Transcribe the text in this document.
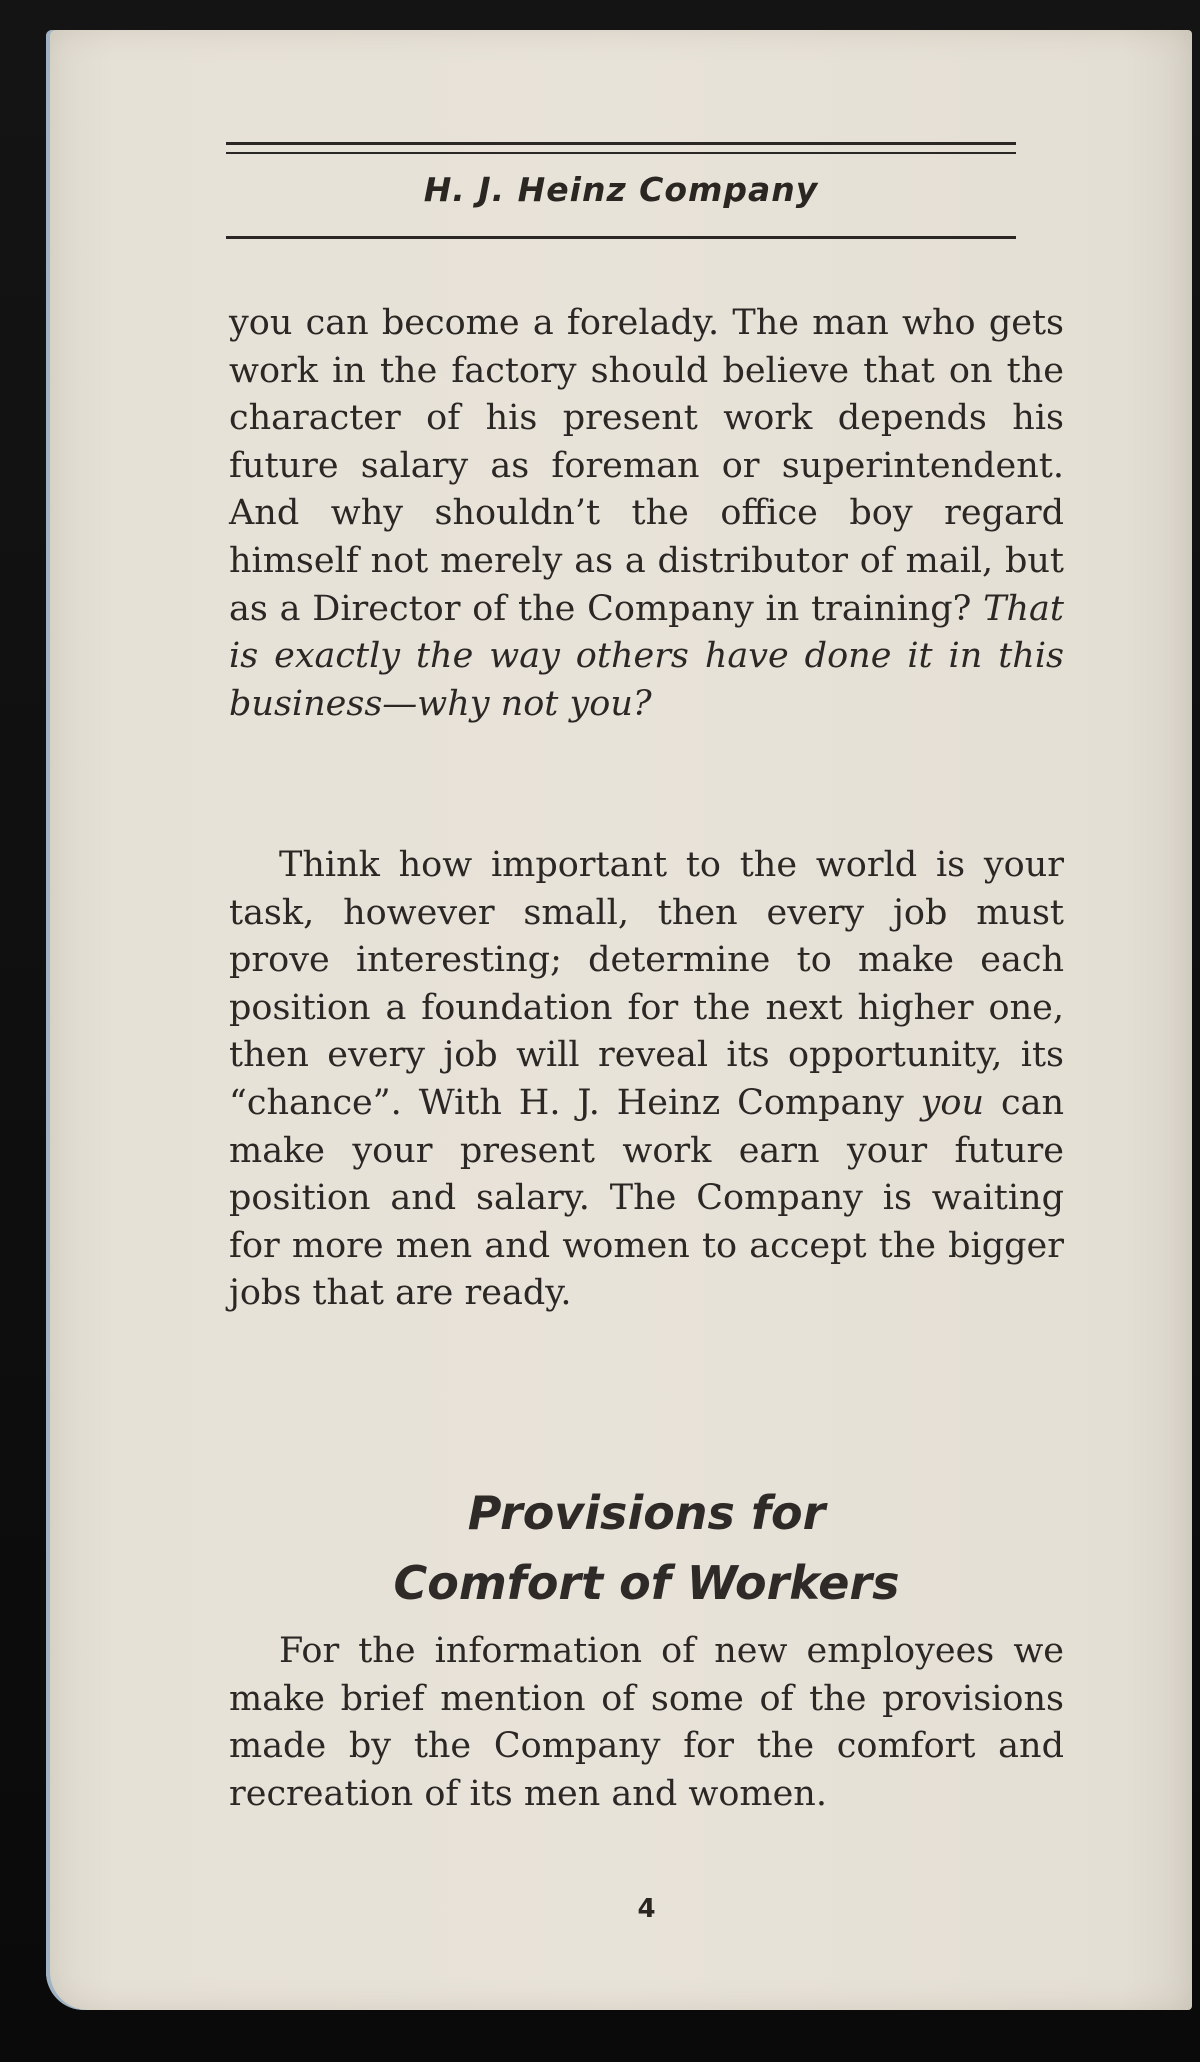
H. J. Heinz Company

you can become a forelady. The man who gets work in the factory should believe that on the character of his present work depends his future salary as foreman or superintendent. And why shouldn’t the office boy regard himself not merely as a distributor of mail, but as a Director of the Company in training? That is exactly the way others have done it in this business—why not you?

Think how important to the world is your task, however small, then every job must prove interesting; determine to make each position a foundation for the next higher one, then every job will reveal its opportunity, its “chance”. With H. J. Heinz Company you can make your present work earn your future position and salary. The Company is waiting for more men and women to accept the bigger jobs that are ready.

Provisions for
Comfort of Workers

For the information of new employees we make brief mention of some of the provisions made by the Company for the comfort and recreation of its men and women.

4
